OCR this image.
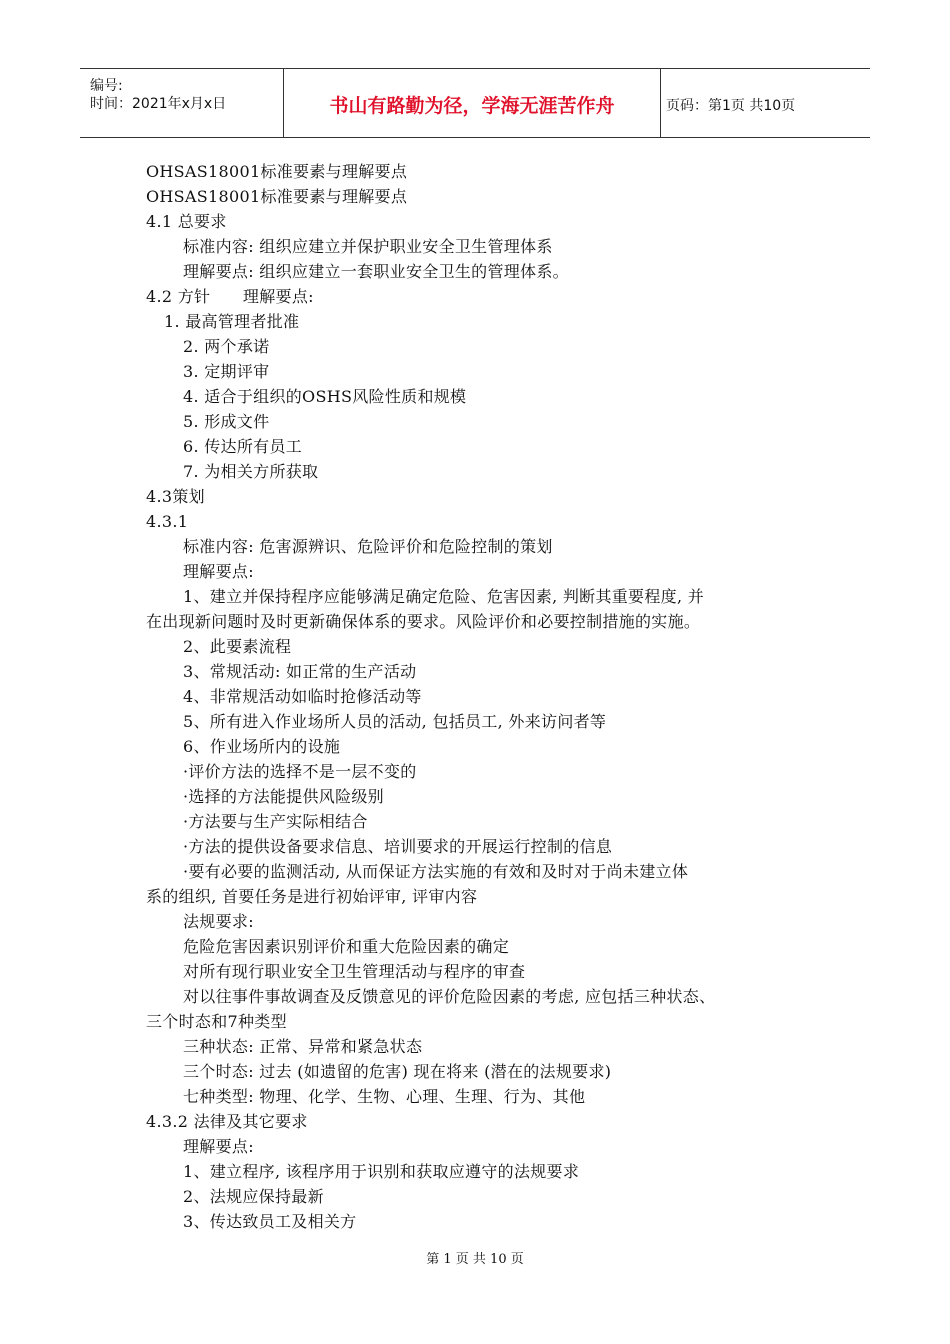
编号:
时间：2021年x月x日	书山有路勤为径，学海无涯苦作舟	页码：第1页 共10页
OHSAS18001标准要素与理解要点
OHSAS18001标准要素与理解要点
4.1 总要求
标准内容: 组织应建立并保护职业安全卫生管理体系
理解要点: 组织应建立一套职业安全卫生的管理体系。
4.2 方针　　理解要点:
1. 最高管理者批准
2. 两个承诺
3. 定期评审
4. 适合于组织的OSHS风险性质和规模
5. 形成文件
6. 传达所有员工
7. 为相关方所获取
4.3策划
4.3.1
标准内容: 危害源辨识、危险评价和危险控制的策划
理解要点:
1、建立并保持程序应能够满足确定危险、危害因素, 判断其重要程度, 并
在出现新问题时及时更新确保体系的要求。风险评价和必要控制措施的实施。
2、此要素流程
3、常规活动: 如正常的生产活动
4、非常规活动如临时抢修活动等
5、所有进入作业场所人员的活动, 包括员工, 外来访问者等
6、作业场所内的设施
·评价方法的选择不是一层不变的
·选择的方法能提供风险级别
·方法要与生产实际相结合
·方法的提供设备要求信息、培训要求的开展运行控制的信息
·要有必要的监测活动, 从而保证方法实施的有效和及时对于尚未建立体
系的组织, 首要任务是进行初始评审, 评审内容
法规要求:
危险危害因素识别评价和重大危险因素的确定
对所有现行职业安全卫生管理活动与程序的审查
对以往事件事故调查及反馈意见的评价危险因素的考虑, 应包括三种状态、
三个时态和7种类型
三种状态: 正常、异常和紧急状态
三个时态: 过去 (如遗留的危害) 现在将来 (潜在的法规要求)
七种类型: 物理、化学、生物、心理、生理、行为、其他
4.3.2 法律及其它要求
理解要点:
1、建立程序, 该程序用于识别和获取应遵守的法规要求
2、法规应保持最新
3、传达致员工及相关方
第 1 页 共 10 页
